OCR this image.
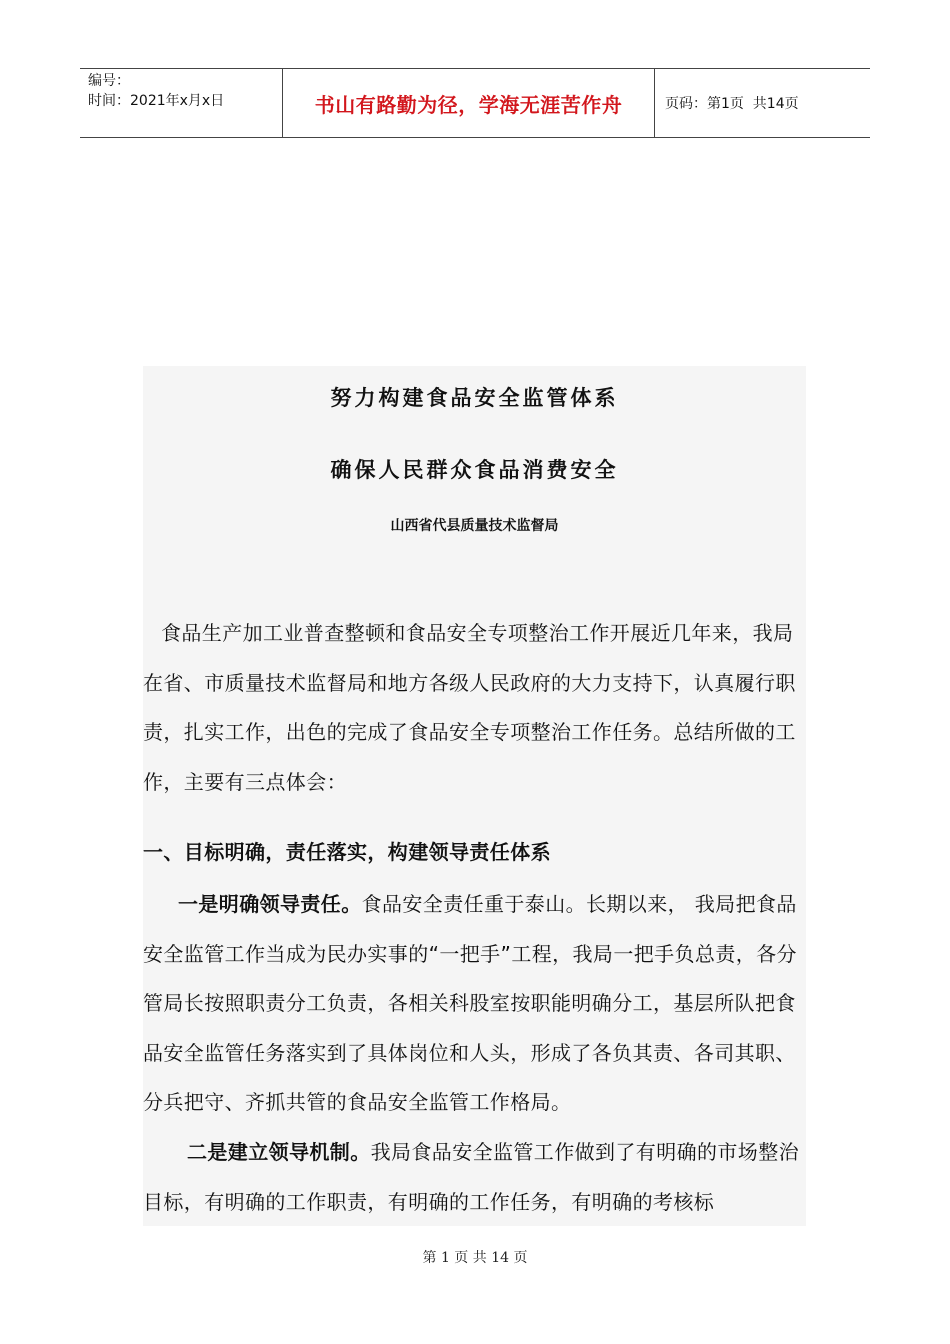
编号：
时间：2021年x月x日	书山有路勤为径，学海无涯苦作舟	页码：第1页  共14页
努力构建食品安全监管体系
确保人民群众食品消费安全
山西省代县质量技术监督局

食品生产加工业普查整顿和食品安全专项整治工作开展近几年来，我局在省、市质量技术监督局和地方各级人民政府的大力支持下，认真履行职责，扎实工作，出色的完成了食品安全专项整治工作任务。总结所做的工作，主要有三点体会：

一、目标明确，责任落实，构建领导责任体系

一是明确领导责任。食品安全责任重于泰山。长期以来， 我局把食品安全监管工作当成为民办实事的“一把手”工程，我局一把手负总责，各分管局长按照职责分工负责，各相关科股室按职能明确分工，基层所队把食品安全监管任务落实到了具体岗位和人头，形成了各负其责、各司其职、分兵把守、齐抓共管的食品安全监管工作格局。

二是建立领导机制。我局食品安全监管工作做到了有明确的市场整治目标，有明确的工作职责，有明确的工作任务，有明确的考核标

第 1 页 共 14 页
